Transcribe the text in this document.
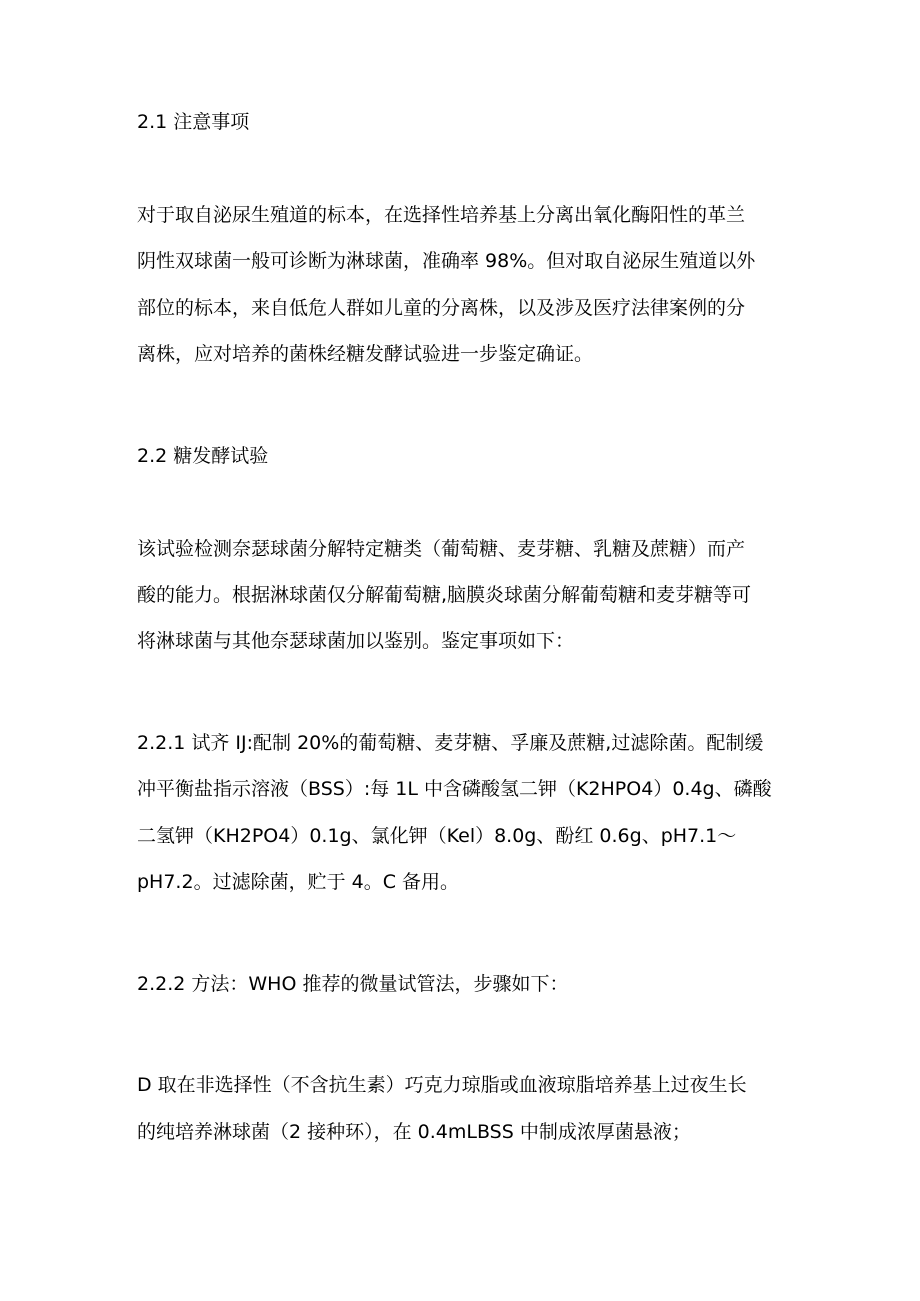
2.1 注意事项
对于取自泌尿生殖道的标本，在选择性培养基上分离出氧化酶阳性的革兰
阴性双球菌一般可诊断为淋球菌，准确率 98%。但对取自泌尿生殖道以外
部位的标本，来自低危人群如儿童的分离株，以及涉及医疗法律案例的分
离株，应对培养的菌株经糖发酵试验进一步鉴定确证。
2.2 糖发酵试验
该试验检测奈瑟球菌分解特定糖类（葡萄糖、麦芽糖、乳糖及蔗糖）而产
酸的能力。根据淋球菌仅分解葡萄糖,脑膜炎球菌分解葡萄糖和麦芽糖等可
将淋球菌与其他奈瑟球菌加以鉴别。鉴定事项如下：
2.2.1 试齐 IJ:配制 20%的葡萄糖、麦芽糖、孚廉及蔗糖,过滤除菌。配制缓
冲平衡盐指示溶液（BSS）:每 1L 中含磷酸氢二钾（K2HPO4）0.4g、磷酸
二氢钾（KH2PO4）0.1g、氯化钾（Kel）8.0g、酚红 0.6g、pH7.1〜
pH7.2。过滤除菌，贮于 4。C 备用。
2.2.2 方法：WHO 推荐的微量试管法，步骤如下：
D 取在非选择性（不含抗生素）巧克力琼脂或血液琼脂培养基上过夜生长
的纯培养淋球菌（2 接种环），在 0.4mLBSS 中制成浓厚菌悬液；
